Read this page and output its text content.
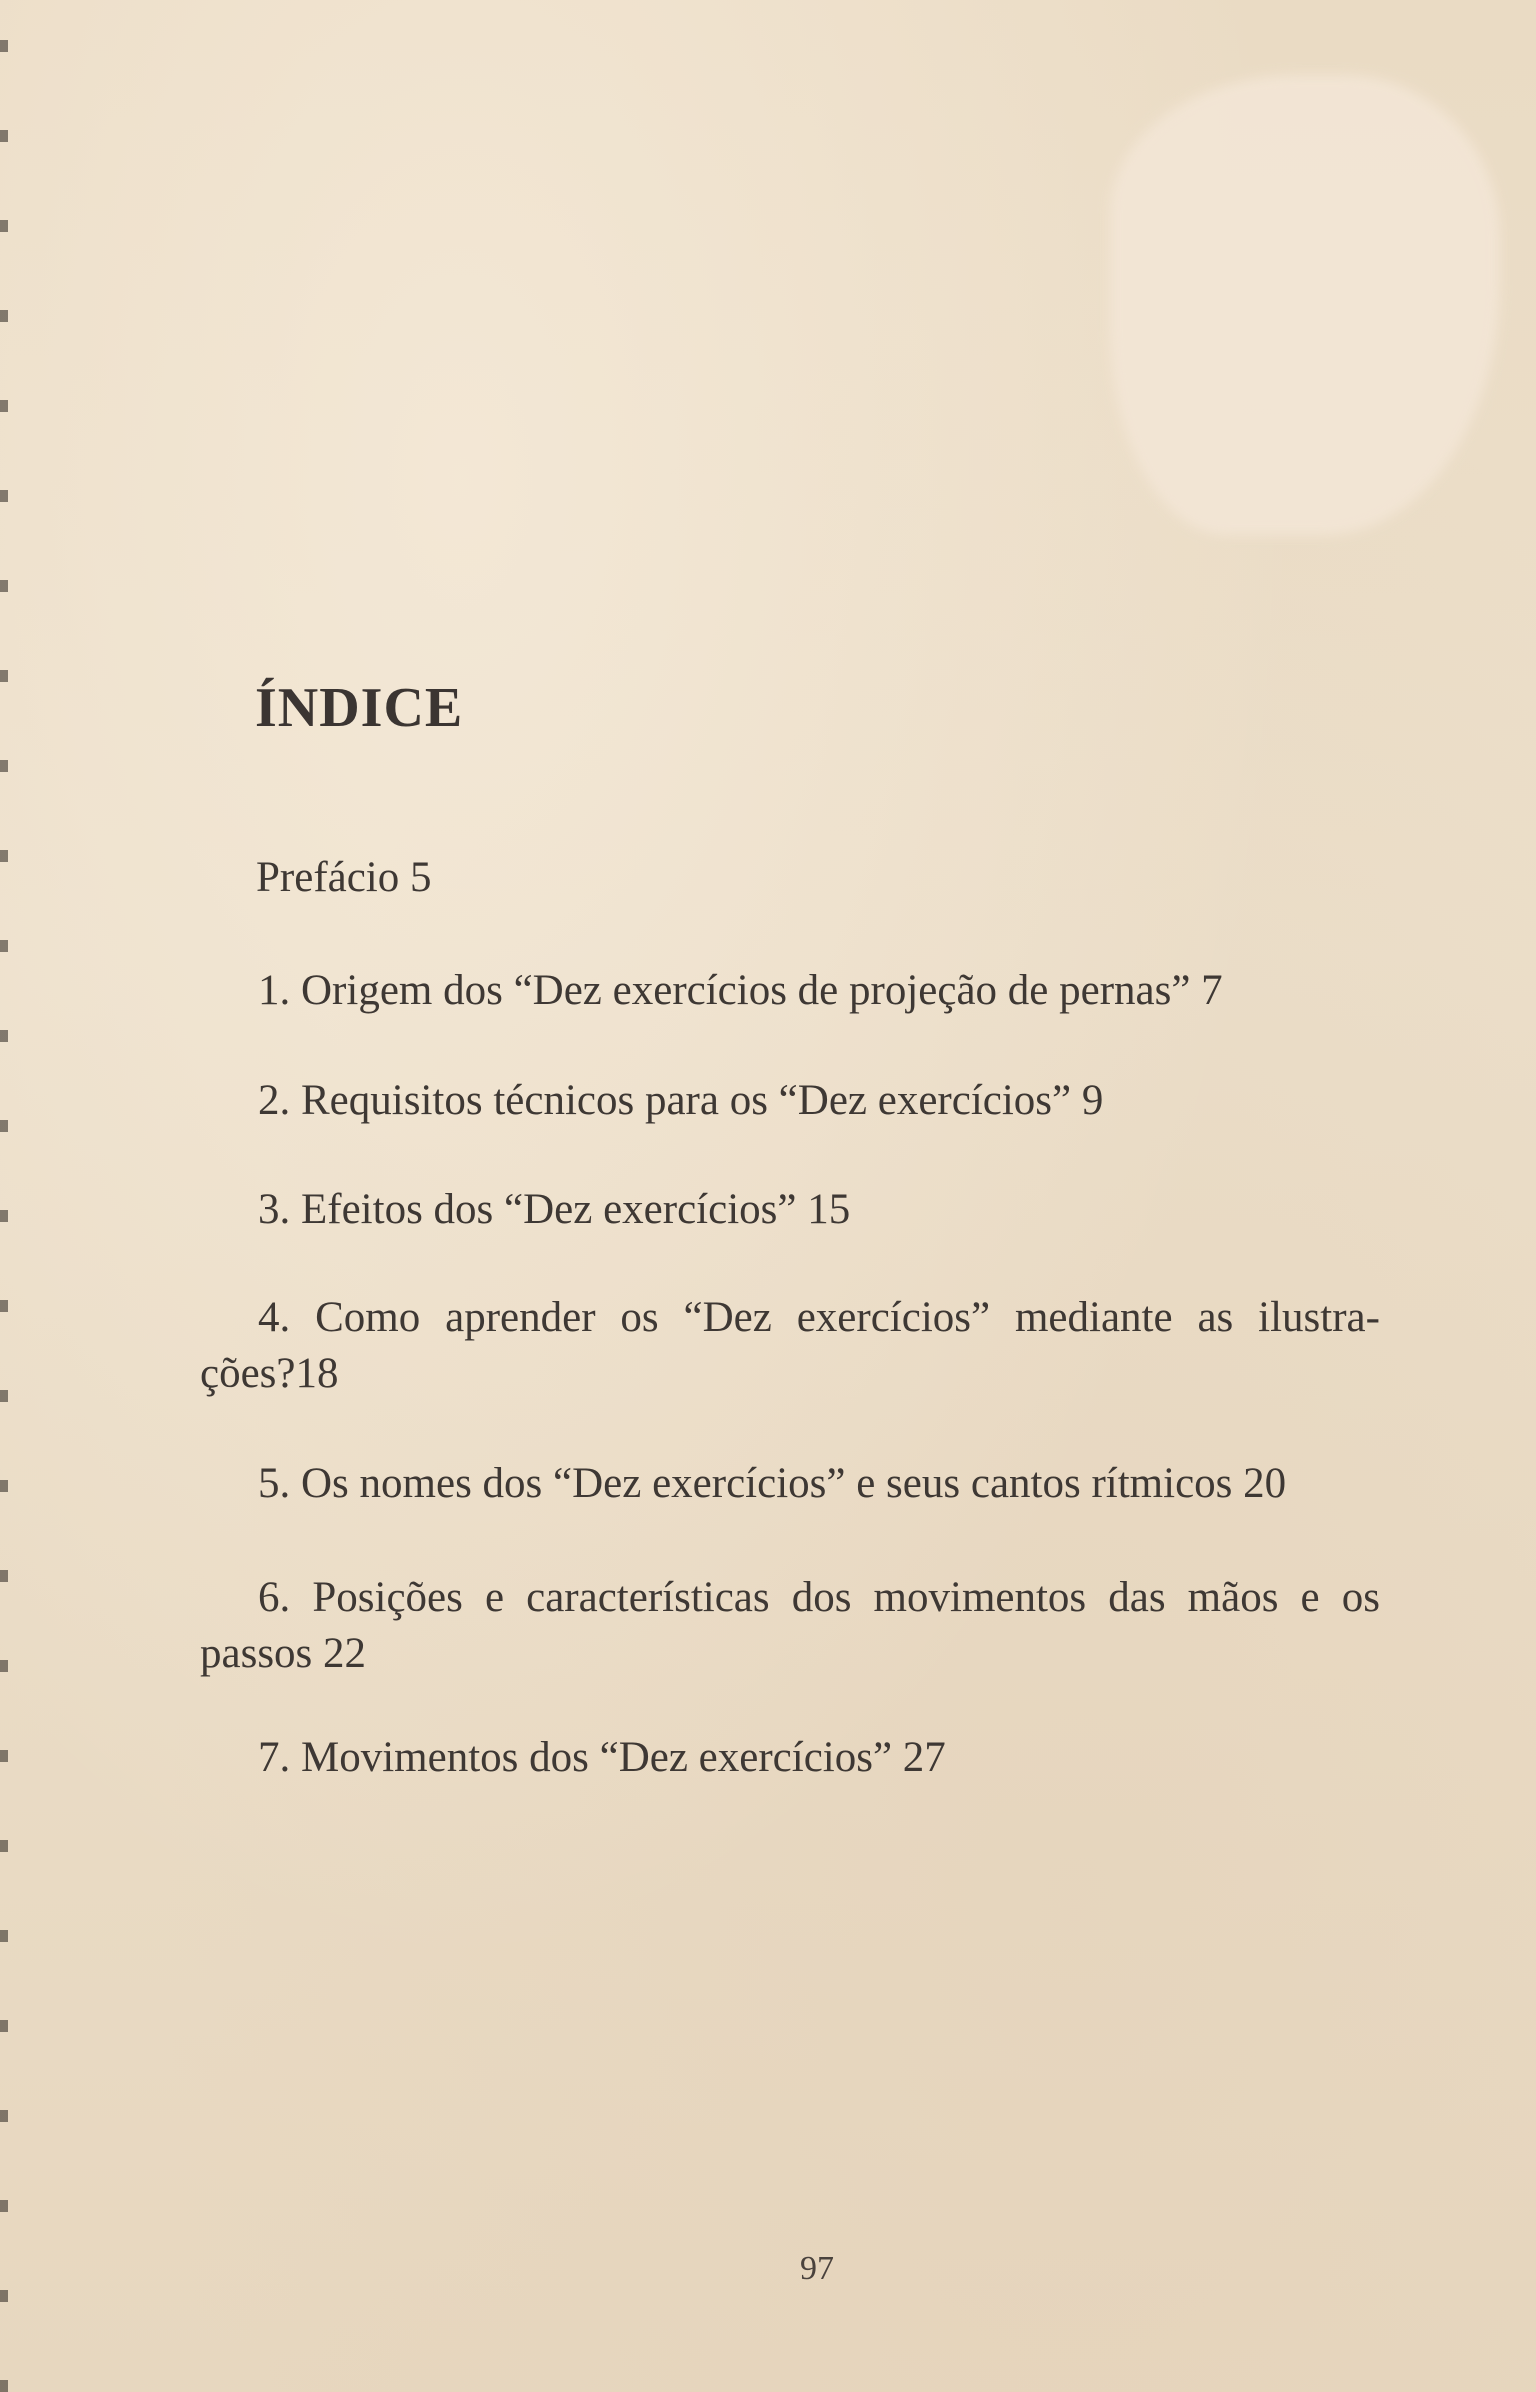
ÍNDICE
Prefácio 5
1. Origem dos “Dez exercícios de projeção de pernas” 7
2. Requisitos técnicos para os “Dez exercícios” 9
3. Efeitos dos “Dez exercícios” 15
4. Como aprender os “Dez exercícios” mediante as ilustra-
ções?18
5. Os nomes dos “Dez exercícios” e seus cantos rítmicos 20
6. Posições e características dos movimentos das mãos e os
passos 22
7. Movimentos dos “Dez exercícios” 27
97
